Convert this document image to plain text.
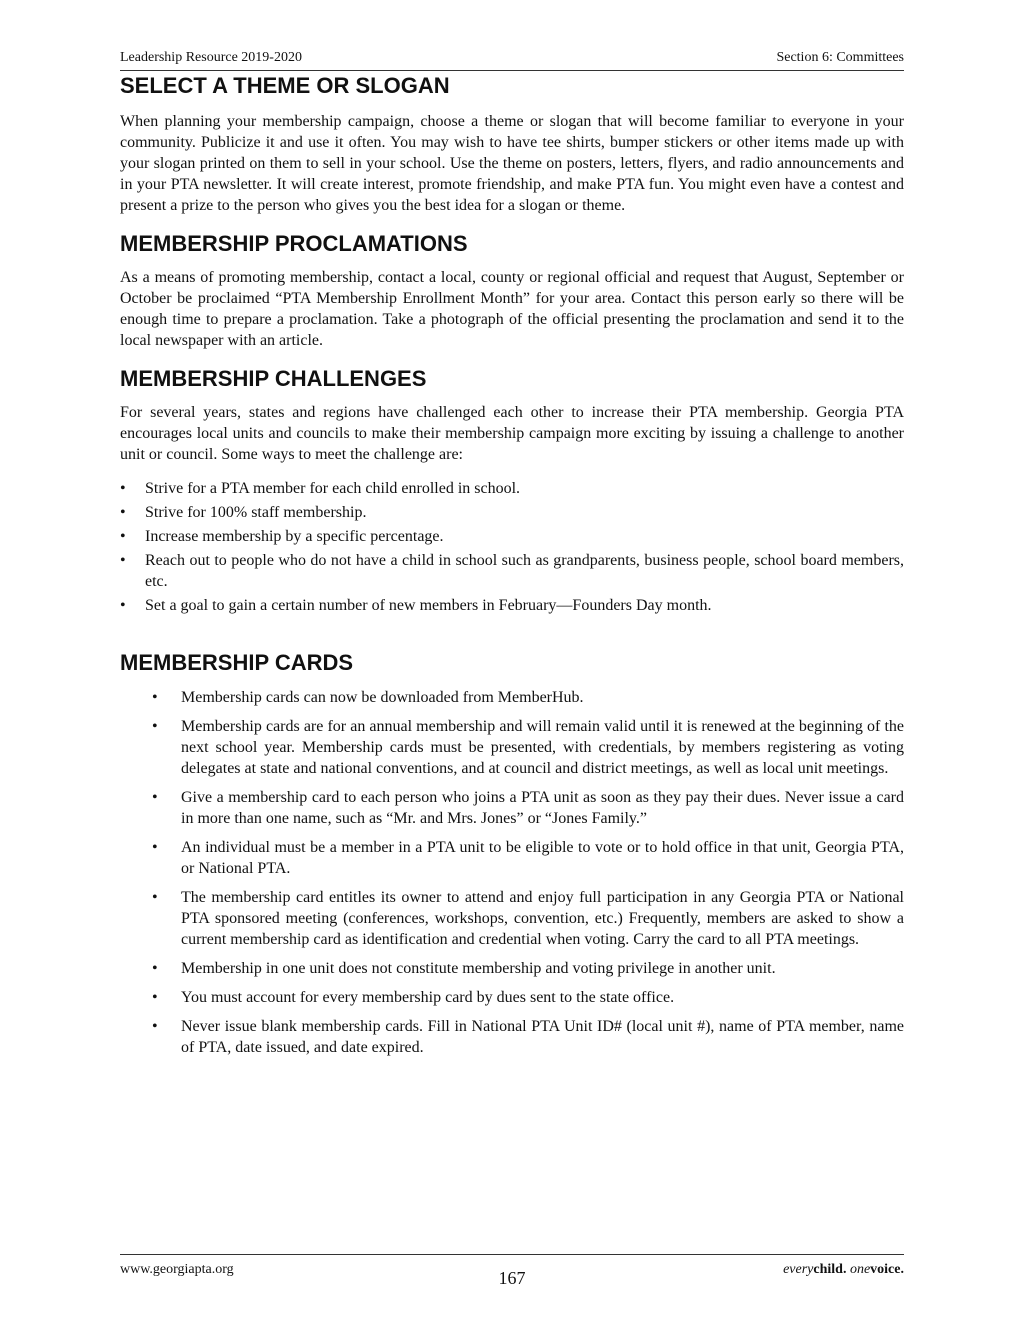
Leadership Resource 2019-2020	Section 6: Committees
SELECT A THEME OR SLOGAN

When planning your membership campaign, choose a theme or slogan that will become familiar to everyone in your community. Publicize it and use it often. You may wish to have tee shirts, bumper stickers or other items made up with your slogan printed on them to sell in your school. Use the theme on posters, letters, flyers, and radio announcements and in your PTA newsletter. It will create interest, promote friendship, and make PTA fun. You might even have a contest and present a prize to the person who gives you the best idea for a slogan or theme.

MEMBERSHIP PROCLAMATIONS

As a means of promoting membership, contact a local, county or regional official and request that August, September or October be proclaimed “PTA Membership Enrollment Month” for your area. Contact this person early so there will be enough time to prepare a proclamation. Take a photograph of the official presenting the proclamation and send it to the local newspaper with an article.

MEMBERSHIP CHALLENGES

For several years, states and regions have challenged each other to increase their PTA membership. Georgia PTA encourages local units and councils to make their membership campaign more exciting by issuing a challenge to another unit or council. Some ways to meet the challenge are:

• Strive for a PTA member for each child enrolled in school.
• Strive for 100% staff membership.
• Increase membership by a specific percentage.
• Reach out to people who do not have a child in school such as grandparents, business people, school board members, etc.
• Set a goal to gain a certain number of new members in February—Founders Day month.
MEMBERSHIP CARDS
• Membership cards can now be downloaded from MemberHub.
• Membership cards are for an annual membership and will remain valid until it is renewed at the beginning of the next school year. Membership cards must be presented, with credentials, by members registering as voting delegates at state and national conventions, and at council and district meetings, as well as local unit meetings.
• Give a membership card to each person who joins a PTA unit as soon as they pay their dues. Never issue a card in more than one name, such as “Mr. and Mrs. Jones” or “Jones Family.”
• An individual must be a member in a PTA unit to be eligible to vote or to hold office in that unit, Georgia PTA, or National PTA.
• The membership card entitles its owner to attend and enjoy full participation in any Georgia PTA or National PTA sponsored meeting (conferences, workshops, convention, etc.) Frequently, members are asked to show a current membership card as identification and credential when voting. Carry the card to all PTA meetings.
• Membership in one unit does not constitute membership and voting privilege in another unit.
• You must account for every membership card by dues sent to the state office.
• Never issue blank membership cards. Fill in National PTA Unit ID# (local unit #), name of PTA member, name of PTA, date issued, and date expired.
www.georgiapta.org	167	everychild. onevoice.
